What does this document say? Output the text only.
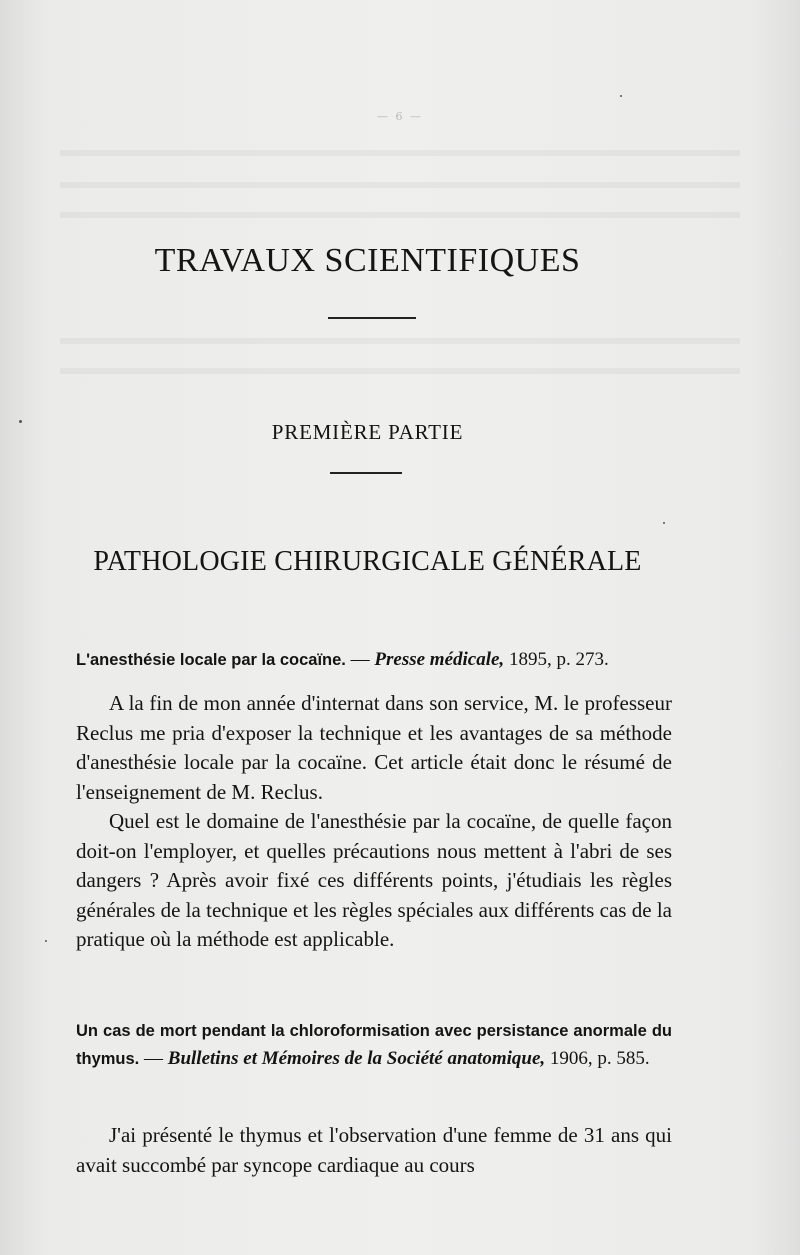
— 6 —
TRAVAUX SCIENTIFIQUES
PREMIÈRE PARTIE
PATHOLOGIE CHIRURGICALE GÉNÉRALE
L'anesthésie locale par la cocaïne. — Presse médicale, 1895, p. 273.

A la fin de mon année d'internat dans son service, M. le professeur Reclus me pria d'exposer la technique et les avantages de sa méthode d'anesthésie locale par la cocaïne. Cet article était donc le résumé de l'enseignement de M. Reclus.

Quel est le domaine de l'anesthésie par la cocaïne, de quelle façon doit-on l'employer, et quelles précautions nous mettent à l'abri de ses dangers ? Après avoir fixé ces différents points, j'étudiais les règles générales de la technique et les règles spéciales aux différents cas de la pratique où la méthode est applicable.

Un cas de mort pendant la chloroformisation avec persistance anormale du thymus. — Bulletins et Mémoires de la Société anatomique, 1906, p. 585.

J'ai présenté le thymus et l'observation d'une femme de 31 ans qui avait succombé par syncope cardiaque au cours
